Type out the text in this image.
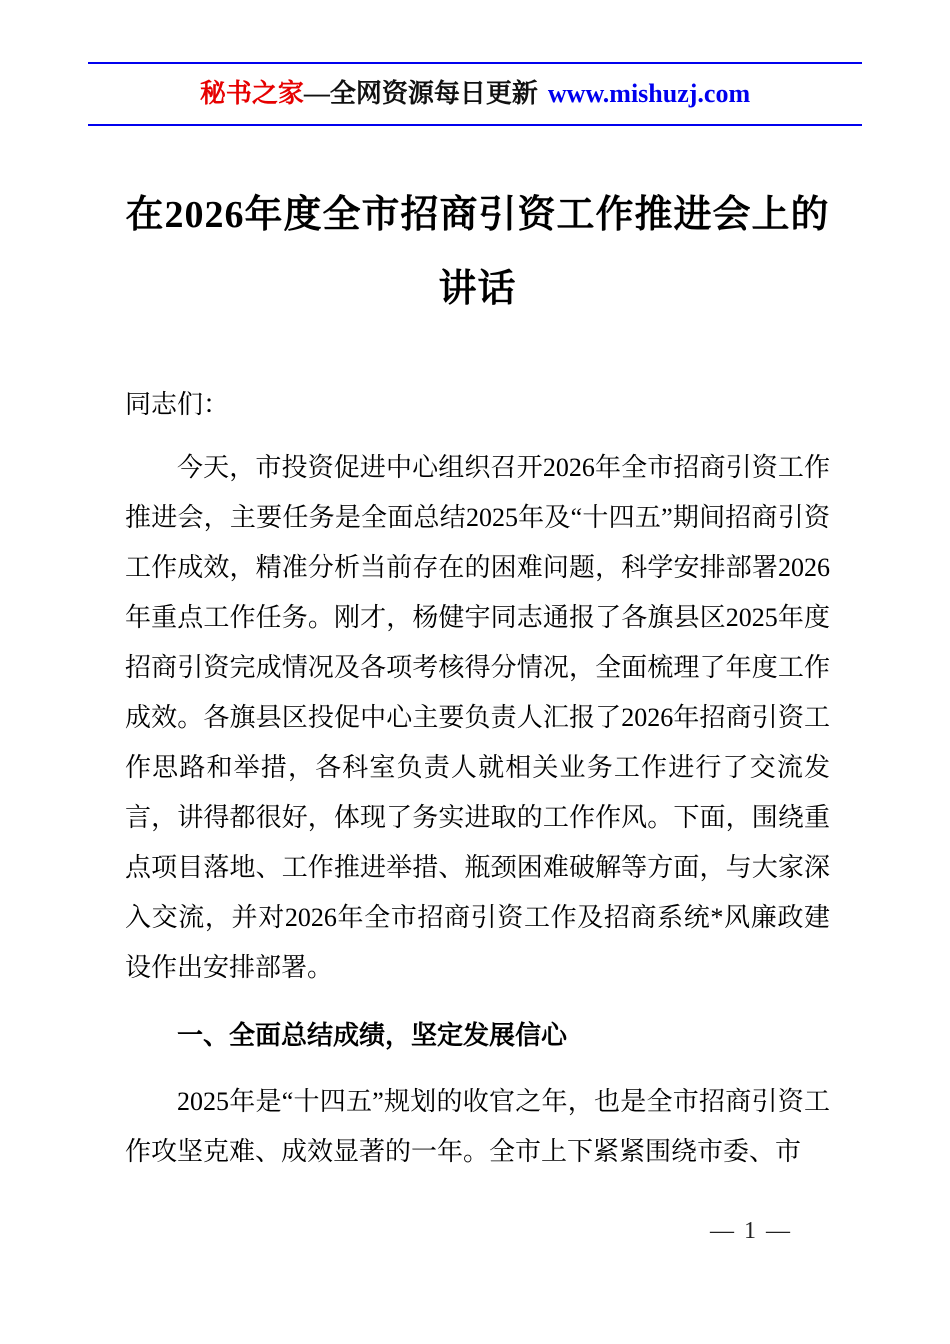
秘书之家—全网资源每日更新 www.mishuzj.com
在2026年度全市招商引资工作推进会上的
讲话

同志们：

今天，市投资促进中心组织召开2026年全市招商引资工作推进会，主要任务是全面总结2025年及“十四五”期间招商引资工作成效，精准分析当前存在的困难问题，科学安排部署2026年重点工作任务。刚才，杨健宇同志通报了各旗县区2025年度招商引资完成情况及各项考核得分情况，全面梳理了年度工作成效。各旗县区投促中心主要负责人汇报了2026年招商引资工作思路和举措，各科室负责人就相关业务工作进行了交流发言，讲得都很好，体现了务实进取的工作作风。下面，围绕重点项目落地、工作推进举措、瓶颈困难破解等方面，与大家深入交流，并对2026年全市招商引资工作及招商系统*风廉政建设作出安排部署。

一、全面总结成绩，坚定发展信心

2025年是“十四五”规划的收官之年，也是全市招商引资工作攻坚克难、成效显著的一年。全市上下紧紧围绕市委、市

— 1 —
